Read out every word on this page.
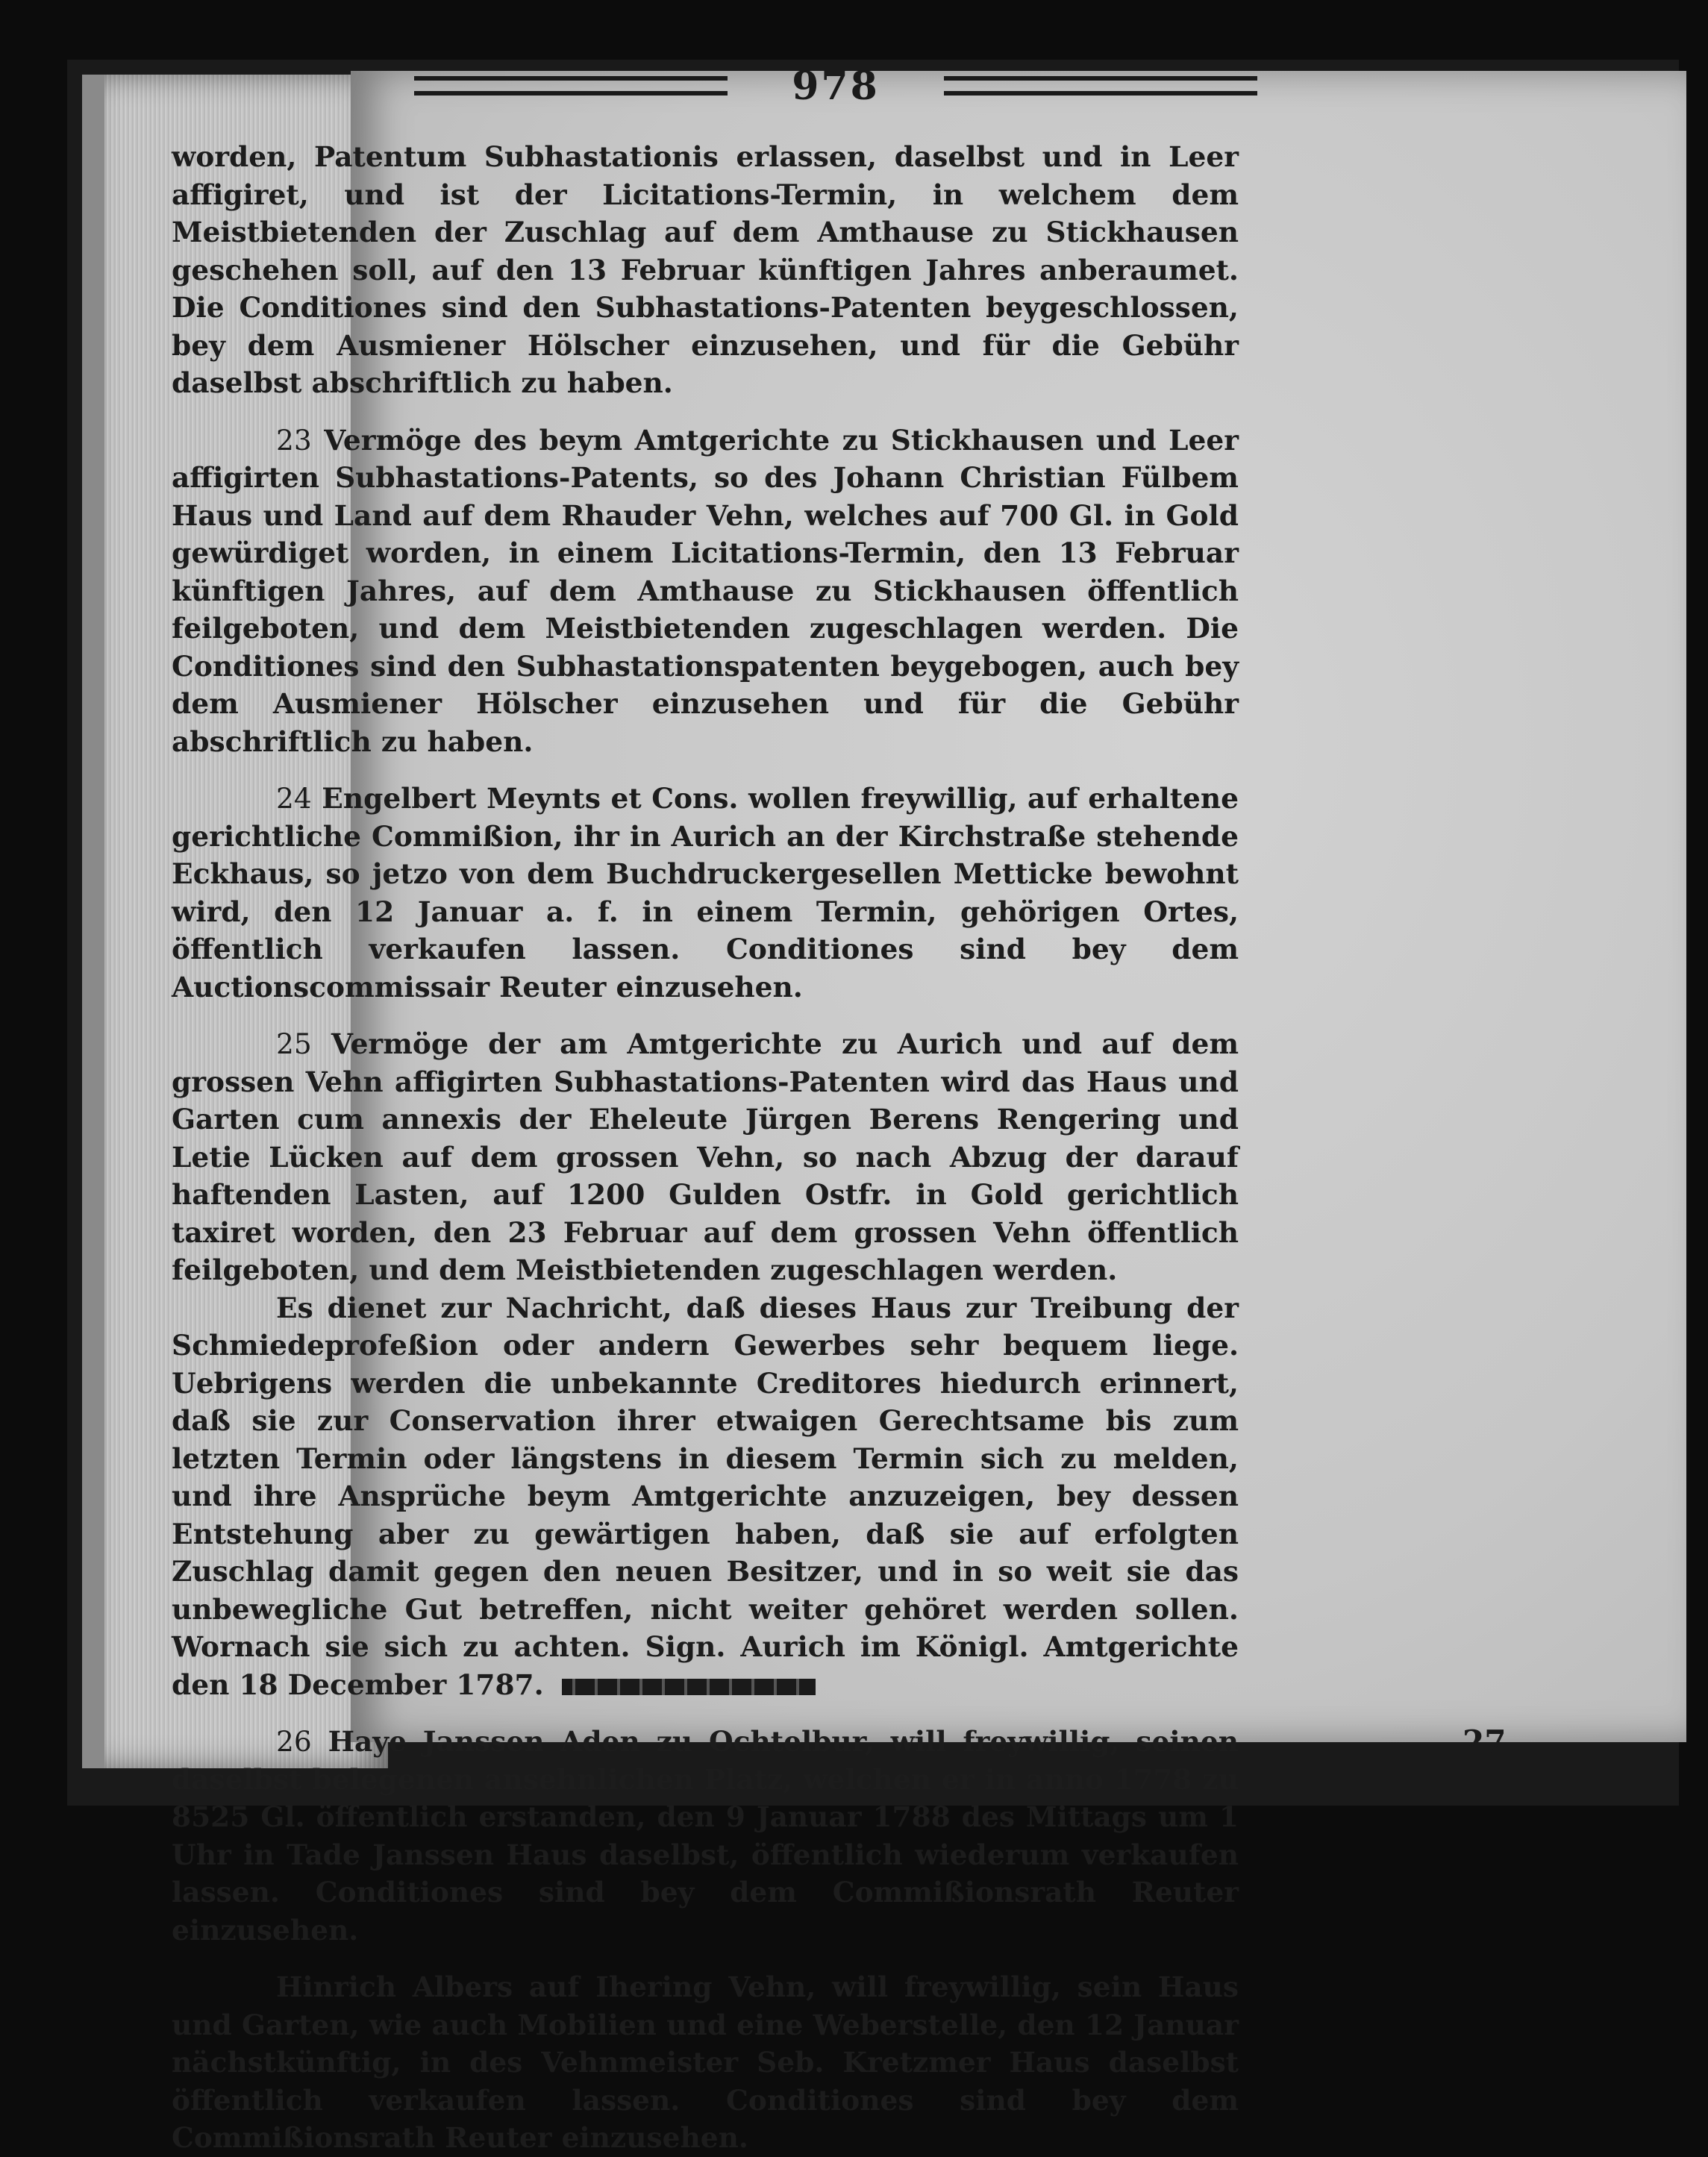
978

worden, Patentum Subhastationis erlassen, daselbst und in Leer affigiret, und ist der Licitations-Termin, in welchem dem Meistbietenden der Zuschlag auf dem Amthause zu Stickhausen geschehen soll, auf den 13 Februar künftigen Jahres anberaumet. Die Conditiones sind den Subhastations-Patenten beygeschlossen, bey dem Ausmiener Hölscher einzusehen, und für die Gebühr daselbst abschriftlich zu haben.

23 Vermöge des beym Amtgerichte zu Stickhausen und Leer affigirten Subhastations-Patents, so des Johann Christian Fülbem Haus und Land auf dem Rhauder Vehn, welches auf 700 Gl. in Gold gewürdiget worden, in einem Licitations-Termin, den 13 Februar künftigen Jahres, auf dem Amthause zu Stickhausen öffentlich feilgeboten, und dem Meistbietenden zugeschlagen werden. Die Conditiones sind den Subhastationspatenten beygebogen, auch bey dem Ausmiener Hölscher einzusehen und für die Gebühr abschriftlich zu haben.

24 Engelbert Meynts et Cons. wollen freywillig, auf erhaltene gerichtliche Commißion, ihr in Aurich an der Kirchstraße stehende Eckhaus, so jetzo von dem Buchdruckergesellen Metticke bewohnt wird, den 12 Januar a. f. in einem Termin, gehörigen Ortes, öffentlich verkaufen lassen. Conditiones sind bey dem Auctionscommissair Reuter einzusehen.

25 Vermöge der am Amtgerichte zu Aurich und auf dem grossen Vehn affigirten Subhastations-Patenten wird das Haus und Garten cum annexis der Eheleute Jürgen Berens Rengering und Letie Lücken auf dem grossen Vehn, so nach Abzug der darauf haftenden Lasten, auf 1200 Gulden Ostfr. in Gold gerichtlich taxiret worden, den 23 Februar auf dem grossen Vehn öffentlich feilgeboten, und dem Meistbietenden zugeschlagen werden.

Es dienet zur Nachricht, daß dieses Haus zur Treibung der Schmiedeprofeßion oder andern Gewerbes sehr bequem liege. Uebrigens werden die unbekannte Creditores hiedurch erinnert, daß sie zur Conservation ihrer etwaigen Gerechtsame bis zum letzten Termin oder längstens in diesem Termin sich zu melden, und ihre Ansprüche beym Amtgerichte anzuzeigen, bey dessen Entstehung aber zu gewärtigen haben, daß sie auf erfolgten Zuschlag damit gegen den neuen Besitzer, und in so weit sie das unbewegliche Gut betreffen, nicht weiter gehöret werden sollen. Wornach sie sich zu achten. Sign. Aurich im Königl. Amtgerichte den 18 December 1787.

26 Haye Janssen Aden zu Ochtelbur, will freywillig, seinen daselbst belegenen ansehnlichen Platz, welchen er in anno 1778 zu 8525 Gl. öffentlich erstanden, den 9 Januar 1788 des Mittags um 1 Uhr in Tade Janssen Haus daselbst, öffentlich wiederum verkaufen lassen. Conditiones sind bey dem Commißionsrath Reuter einzusehen.

Hinrich Albers auf Ihering Vehn, will freywillig, sein Haus und Garten, wie auch Mobilien und eine Weberstelle, den 12 Januar nächstkünftig, in des Vehnmeister Seb. Kretzmer Haus daselbst öffentlich verkaufen lassen. Conditiones sind bey dem Commißionsrath Reuter einzusehen.

27
